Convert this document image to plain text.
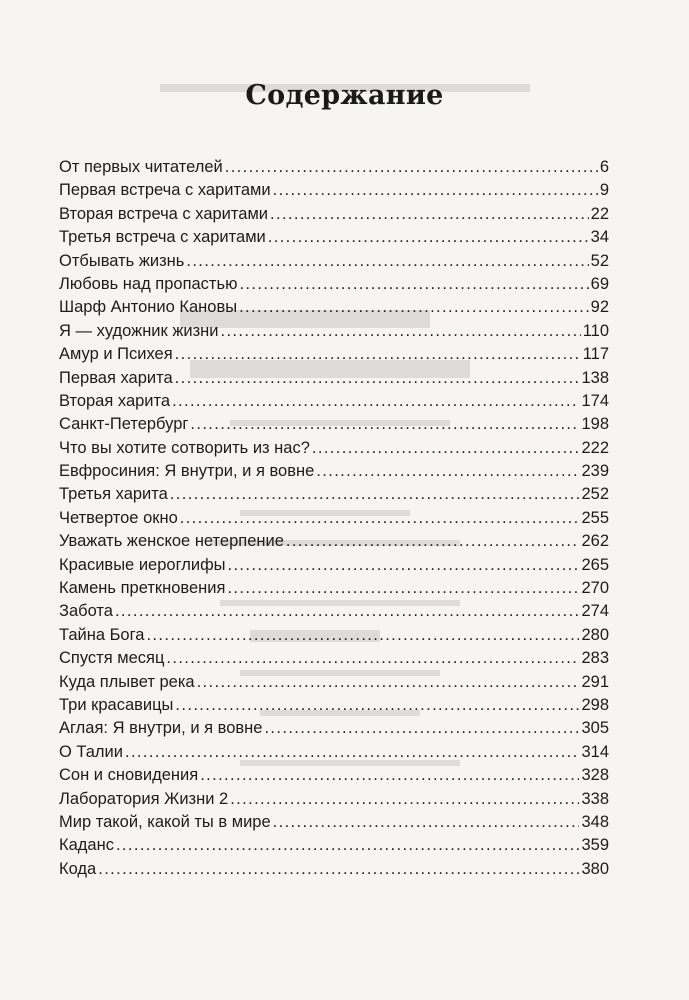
Содержание
От первых читателей . . .	6
Первая встреча с харитами . . .	9
Вторая встреча с харитами . . .	22
Третья встреча с харитами . . .	34
Отбывать жизнь . . .	52
Любовь над пропастью . . .	69
Шарф Антонио Кановы . . .	92
Я — художник жизни . . .	110
Амур и Психея . . .	117
Первая харита . . .	138
Вторая харита . . .	174
Санкт-Петербург . . .	198
Что вы хотите сотворить из нас? . . .	222
Евфросиния: Я внутри, и я вовне . . .	239
Третья харита . . .	252
Четвертое окно . . .	255
Уважать женское нетерпение . . .	262
Красивые иероглифы . . .	265
Камень преткновения . . .	270
Забота . . .	274
Тайна Бога . . .	280
Спустя месяц . . .	283
Куда плывет река . . .	291
Три красавицы . . .	298
Аглая: Я внутри, и я вовне . . .	305
О Талии . . .	314
Сон и сновидения . . .	328
Лаборатория Жизни 2 . . .	338
Мир такой, какой ты в мире . . .	348
Каданс . . .	359
Кода . . .	380
